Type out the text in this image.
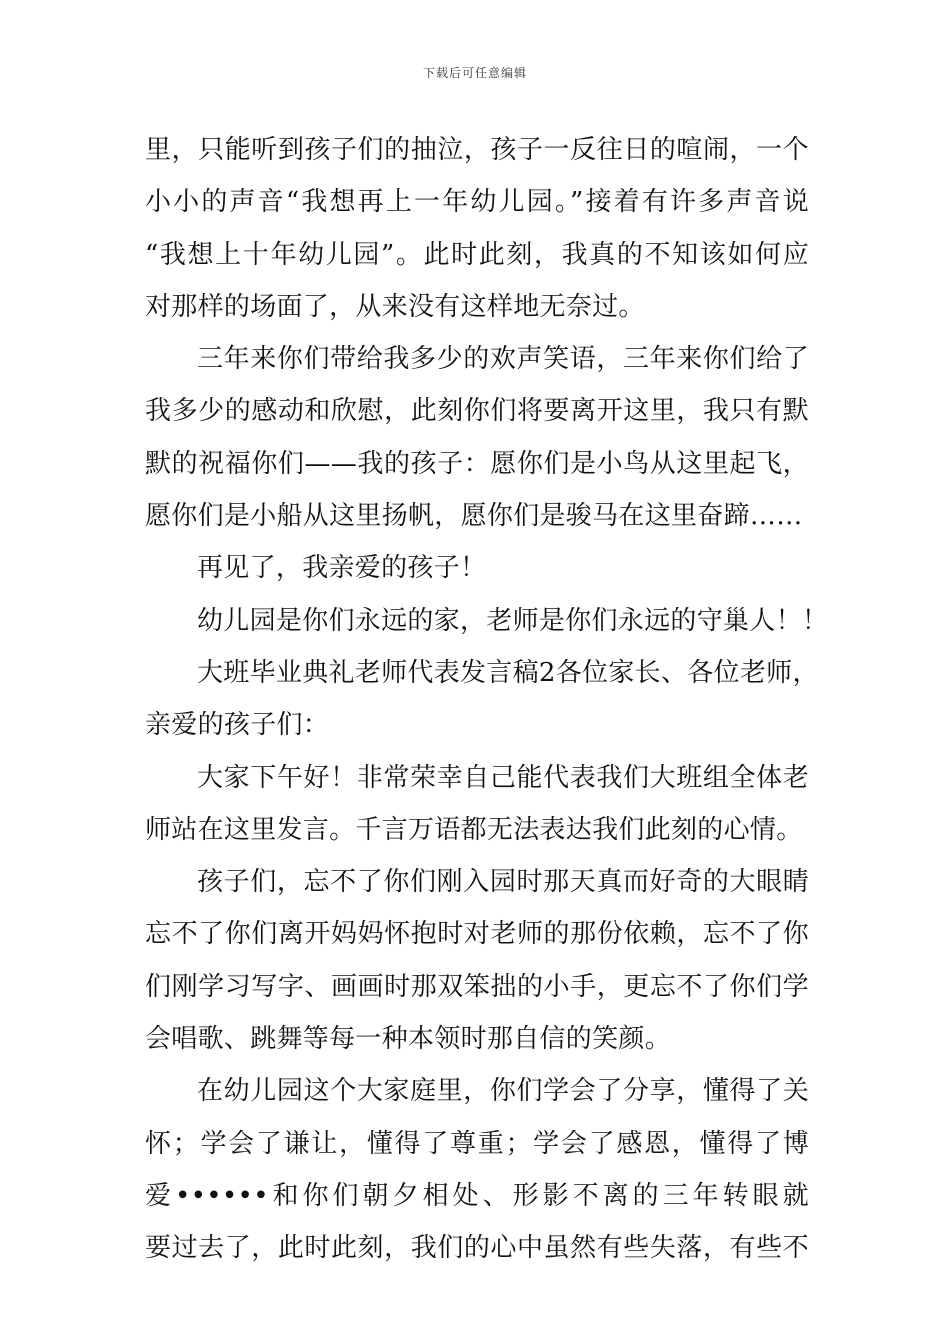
下载后可任意编辑
里，只能听到孩子们的抽泣，孩子一反往日的喧闹，一个
小小的声音“我想再上一年幼儿园。”接着有许多声音说
“我想上十年幼儿园”。此时此刻，我真的不知该如何应
对那样的场面了，从来没有这样地无奈过。
三年来你们带给我多少的欢声笑语，三年来你们给了
我多少的感动和欣慰，此刻你们将要离开这里，我只有默
默的祝福你们——我的孩子：愿你们是小鸟从这里起飞，
愿你们是小船从这里扬帆，愿你们是骏马在这里奋蹄……
再见了，我亲爱的孩子！
幼儿园是你们永远的家，老师是你们永远的守巢人！！
大班毕业典礼老师代表发言稿2各位家长、各位老师，
亲爱的孩子们：
大家下午好！非常荣幸自己能代表我们大班组全体老
师站在这里发言。千言万语都无法表达我们此刻的心情。
孩子们，忘不了你们刚入园时那天真而好奇的大眼睛
忘不了你们离开妈妈怀抱时对老师的那份依赖，忘不了你
们刚学习写字、画画时那双笨拙的小手，更忘不了你们学
会唱歌、跳舞等每一种本领时那自信的笑颜。
在幼儿园这个大家庭里，你们学会了分享，懂得了关
怀；学会了谦让，懂得了尊重；学会了感恩，懂得了博
爱••••••和你们朝夕相处、形影不离的三年转眼就
要过去了，此时此刻，我们的心中虽然有些失落，有些不
